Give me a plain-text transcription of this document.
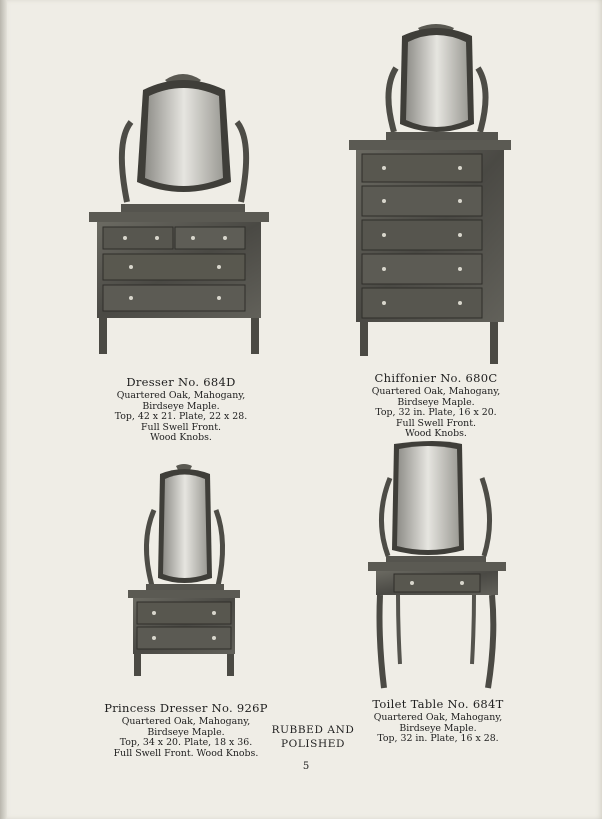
Dresser No. 684D
Quartered Oak, Mahogany,
Birdseye Maple.
Top, 42 x 21. Plate, 22 x 28.
Full Swell Front.
Wood Knobs.
Chiffonier No. 680C
Quartered Oak, Mahogany,
Birdseye Maple.
Top, 32 in. Plate, 16 x 20.
Full Swell Front.
Wood Knobs.
Princess Dresser No. 926P
Quartered Oak, Mahogany,
Birdseye Maple.
Top, 34 x 20. Plate, 18 x 36.
Full Swell Front. Wood Knobs.
Toilet Table No. 684T
Quartered Oak, Mahogany,
Birdseye Maple.
Top, 32 in. Plate, 16 x 28.
RUBBED AND
POLISHED
5
